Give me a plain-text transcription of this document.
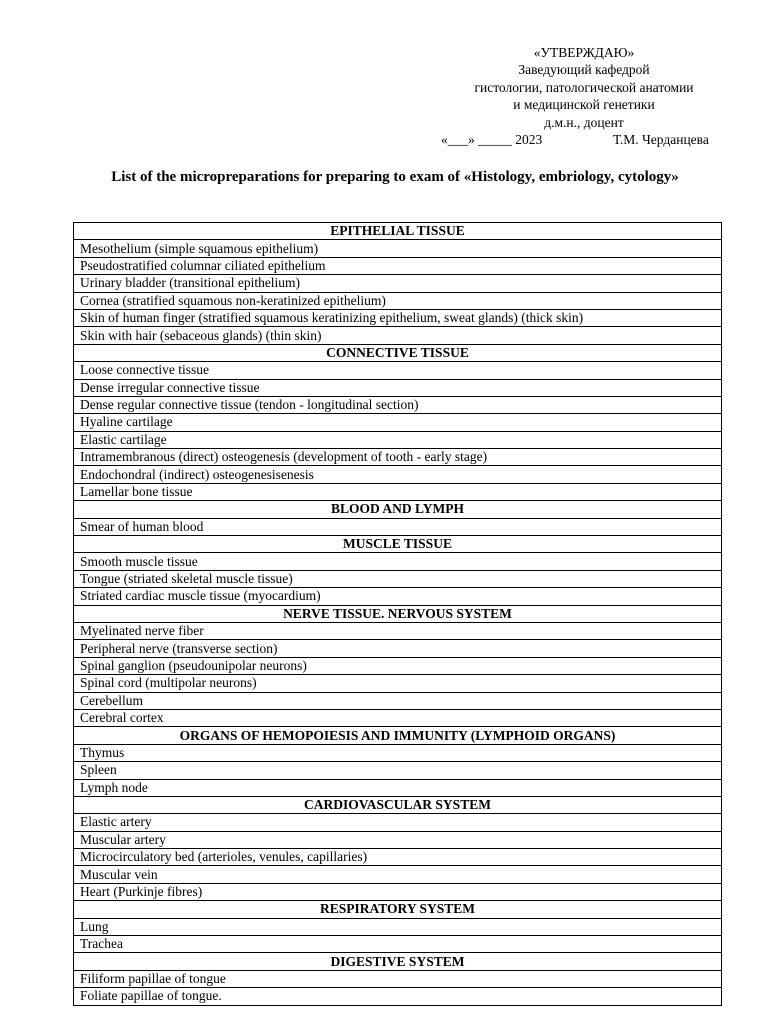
«УТВЕРЖДАЮ»
Заведующий кафедрой
гистологии, патологической анатомии
и медицинской генетики
д.м.н., доцент
«___» _____ 2023	Т.М. Черданцева
List of the micropreparations for preparing to exam of «Histology, embriology, cytology»
EPITHELIAL TISSUE
Mesothelium (simple squamous epithelium)
Pseudostratified columnar ciliated epithelium
Urinary bladder (transitional epithelium)
Cornea (stratified squamous non-keratinized epithelium)
Skin of human finger (stratified squamous keratinizing epithelium, sweat glands) (thick skin)
Skin with hair (sebaceous glands) (thin skin)
CONNECTIVE TISSUE
Loose connective tissue
Dense irregular connective tissue
Dense regular connective tissue (tendon - longitudinal section)
Hyaline cartilage
Elastic cartilage
Intramembranous (direct) osteogenesis (development of tooth - early stage)
Endochondral (indirect) osteogenesisenesis
Lamellar bone tissue
BLOOD AND LYMPH
Smear of human blood
MUSCLE TISSUE
Smooth muscle tissue
Tongue (striated skeletal muscle tissue)
Striated cardiac muscle tissue (myocardium)
NERVE TISSUE. NERVOUS SYSTEM
Myelinated nerve fiber
Peripheral nerve (transverse section)
Spinal ganglion (pseudounipolar neurons)
Spinal cord (multipolar neurons)
Cerebellum
Cerebral cortex
ORGANS OF HEMOPOIESIS AND IMMUNITY (LYMPHOID ORGANS)
Thymus
Spleen
Lymph node
CARDIOVASCULAR SYSTEM
Elastic artery
Muscular artery
Microcirculatory bed (arterioles, venules, capillaries)
Muscular vein
Heart (Purkinje fibres)
RESPIRATORY SYSTEM
Lung
Trachea
DIGESTIVE SYSTEM
Filiform papillae of tongue
Foliate papillae of tongue.
